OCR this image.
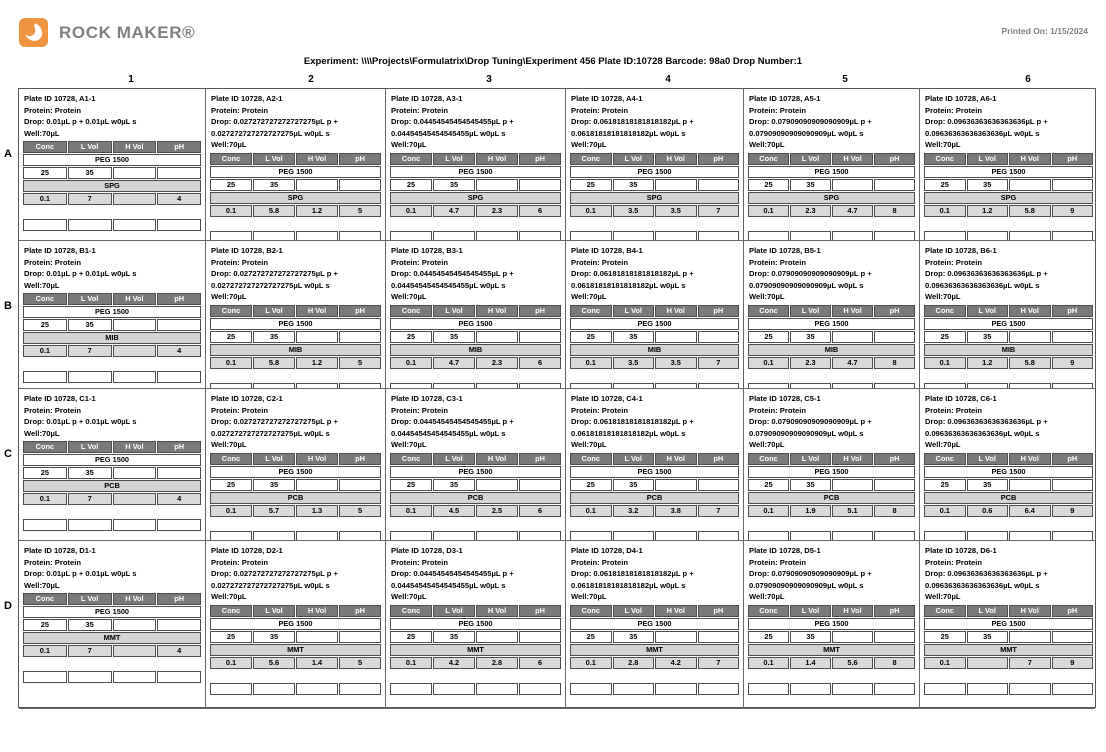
ROCK MAKER®	Printed On: 1/15/2024
Experiment: \\\\Projects\Formulatrix\Drop Tuning\Experiment 456 Plate ID:10728 Barcode: 98a0 Drop Number:1
1	2	3	4	5	6
A
B
C
D
Plate ID 10728, A1-1
Protein: Protein
Drop: 0.01µL p + 0.01µL w0µL s
Well:70µL
Conc	L Vol	H Vol	pH
PEG 1500			
25	35		
SPG			
0.1	7		4

Plate ID 10728, A2-1
Protein: Protein
Drop: 0.027272727272727275µL p + 0.027272727272727275µL w0µL s
Well:70µL
Conc	L Vol	H Vol	pH
PEG 1500			
25	35		
SPG			
0.1	5.8	1.2	5

Plate ID 10728, A3-1
Protein: Protein
Drop: 0.04454545454545455µL p + 0.04454545454545455µL w0µL s
Well:70µL
Conc	L Vol	H Vol	pH
PEG 1500			
25	35		
SPG			
0.1	4.7	2.3	6

Plate ID 10728, A4-1
Protein: Protein
Drop: 0.06181818181818182µL p + 0.06181818181818182µL w0µL s
Well:70µL
Conc	L Vol	H Vol	pH
PEG 1500			
25	35		
SPG			
0.1	3.5	3.5	7

Plate ID 10728, A5-1
Protein: Protein
Drop: 0.07909090909090909µL p + 0.07909090909090909µL w0µL s
Well:70µL
Conc	L Vol	H Vol	pH
PEG 1500			
25	35		
SPG			
0.1	2.3	4.7	8

Plate ID 10728, A6-1
Protein: Protein
Drop: 0.09636363636363636µL p + 0.09636363636363636µL w0µL s
Well:70µL
Conc	L Vol	H Vol	pH
PEG 1500			
25	35		
SPG			
0.1	1.2	5.8	9

Plate ID 10728, B1-1
Protein: Protein
Drop: 0.01µL p + 0.01µL w0µL s
Well:70µL
Conc	L Vol	H Vol	pH
PEG 1500			
25	35		
MIB			
0.1	7		4

Plate ID 10728, B2-1
Protein: Protein
Drop: 0.027272727272727275µL p + 0.027272727272727275µL w0µL s
Well:70µL
Conc	L Vol	H Vol	pH
PEG 1500			
25	35		
MIB			
0.1	5.8	1.2	5

Plate ID 10728, B3-1
Protein: Protein
Drop: 0.04454545454545455µL p + 0.04454545454545455µL w0µL s
Well:70µL
Conc	L Vol	H Vol	pH
PEG 1500			
25	35		
MIB			
0.1	4.7	2.3	6

Plate ID 10728, B4-1
Protein: Protein
Drop: 0.06181818181818182µL p + 0.06181818181818182µL w0µL s
Well:70µL
Conc	L Vol	H Vol	pH
PEG 1500			
25	35		
MIB			
0.1	3.5	3.5	7

Plate ID 10728, B5-1
Protein: Protein
Drop: 0.07909090909090909µL p + 0.07909090909090909µL w0µL s
Well:70µL
Conc	L Vol	H Vol	pH
PEG 1500			
25	35		
MIB			
0.1	2.3	4.7	8

Plate ID 10728, B6-1
Protein: Protein
Drop: 0.09636363636363636µL p + 0.09636363636363636µL w0µL s
Well:70µL
Conc	L Vol	H Vol	pH
PEG 1500			
25	35		
MIB			
0.1	1.2	5.8	9

Plate ID 10728, C1-1
Protein: Protein
Drop: 0.01µL p + 0.01µL w0µL s
Well:70µL
Conc	L Vol	H Vol	pH
PEG 1500			
25	35		
PCB			
0.1	7		4

Plate ID 10728, C2-1
Protein: Protein
Drop: 0.027272727272727275µL p + 0.027272727272727275µL w0µL s
Well:70µL
Conc	L Vol	H Vol	pH
PEG 1500			
25	35		
PCB			
0.1	5.7	1.3	5

Plate ID 10728, C3-1
Protein: Protein
Drop: 0.04454545454545455µL p + 0.04454545454545455µL w0µL s
Well:70µL
Conc	L Vol	H Vol	pH
PEG 1500			
25	35		
PCB			
0.1	4.5	2.5	6

Plate ID 10728, C4-1
Protein: Protein
Drop: 0.06181818181818182µL p + 0.06181818181818182µL w0µL s
Well:70µL
Conc	L Vol	H Vol	pH
PEG 1500			
25	35		
PCB			
0.1	3.2	3.8	7

Plate ID 10728, C5-1
Protein: Protein
Drop: 0.07909090909090909µL p + 0.07909090909090909µL w0µL s
Well:70µL
Conc	L Vol	H Vol	pH
PEG 1500			
25	35		
PCB			
0.1	1.9	5.1	8

Plate ID 10728, C6-1
Protein: Protein
Drop: 0.09636363636363636µL p + 0.09636363636363636µL w0µL s
Well:70µL
Conc	L Vol	H Vol	pH
PEG 1500			
25	35		
PCB			
0.1	0.6	6.4	9

Plate ID 10728, D1-1
Protein: Protein
Drop: 0.01µL p + 0.01µL w0µL s
Well:70µL
Conc	L Vol	H Vol	pH
PEG 1500			
25	35		
MMT			
0.1	7		4

Plate ID 10728, D2-1
Protein: Protein
Drop: 0.027272727272727275µL p + 0.027272727272727275µL w0µL s
Well:70µL
Conc	L Vol	H Vol	pH
PEG 1500			
25	35		
MMT			
0.1	5.6	1.4	5

Plate ID 10728, D3-1
Protein: Protein
Drop: 0.04454545454545455µL p + 0.04454545454545455µL w0µL s
Well:70µL
Conc	L Vol	H Vol	pH
PEG 1500			
25	35		
MMT			
0.1	4.2	2.8	6

Plate ID 10728, D4-1
Protein: Protein
Drop: 0.06181818181818182µL p + 0.06181818181818182µL w0µL s
Well:70µL
Conc	L Vol	H Vol	pH
PEG 1500			
25	35		
MMT			
0.1	2.8	4.2	7

Plate ID 10728, D5-1
Protein: Protein
Drop: 0.07909090909090909µL p + 0.07909090909090909µL w0µL s
Well:70µL
Conc	L Vol	H Vol	pH
PEG 1500			
25	35		
MMT			
0.1	1.4	5.6	8

Plate ID 10728, D6-1
Protein: Protein
Drop: 0.09636363636363636µL p + 0.09636363636363636µL w0µL s
Well:70µL
Conc	L Vol	H Vol	pH
PEG 1500			
25	35		
MMT			
0.1		7	9
